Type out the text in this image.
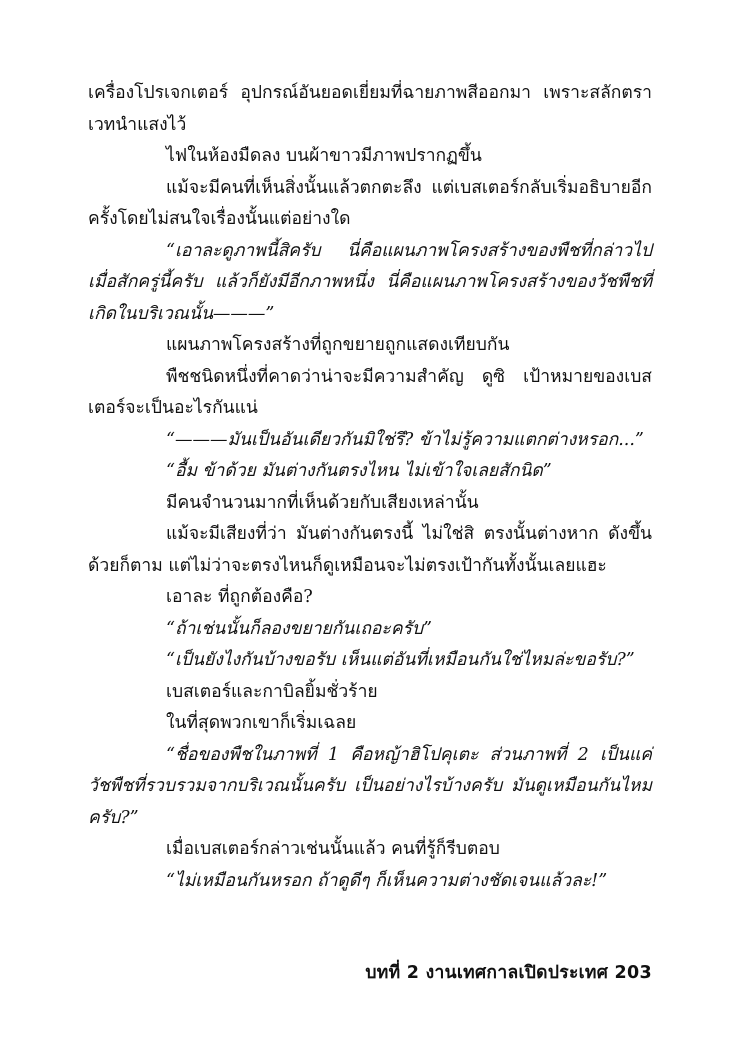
เครื่องโปรเจกเตอร์ อุปกรณ์อันยอดเยี่ยมที่ฉายภาพสีออกมา เพราะสลักตราเวทนำแสงไว้

ไฟในห้องมืดลง บนผ้าขาวมีภาพปรากฏขึ้น

แม้จะมีคนที่เห็นสิ่งนั้นแล้วตกตะลึง แต่เบสเตอร์กลับเริ่มอธิบายอีกครั้งโดยไม่สนใจเรื่องนั้นแต่อย่างใด

“เอาละดูภาพนี้สิครับ นี่คือแผนภาพโครงสร้างของพืชที่กล่าวไปเมื่อสักครู่นี้ครับ แล้วก็ยังมีอีกภาพหนึ่ง นี่คือแผนภาพโครงสร้างของวัชพืชที่เกิดในบริเวณนั้น———”

แผนภาพโครงสร้างที่ถูกขยายถูกแสดงเทียบกัน

พืชชนิดหนึ่งที่คาดว่าน่าจะมีความสำคัญ ดูซิ เป้าหมายของเบสเตอร์จะเป็นอะไรกันแน่

“———มันเป็นอันเดียวกันมิใช่รึ? ข้าไม่รู้ความแตกต่างหรอก...”

“อื้ม ข้าด้วย มันต่างกันตรงไหน ไม่เข้าใจเลยสักนิด”

มีคนจำนวนมากที่เห็นด้วยกับเสียงเหล่านั้น

แม้จะมีเสียงที่ว่า มันต่างกันตรงนี้ ไม่ใช่สิ ตรงนั้นต่างหาก ดังขึ้นด้วยก็ตาม แต่ไม่ว่าจะตรงไหนก็ดูเหมือนจะไม่ตรงเป้ากันทั้งนั้นเลยแฮะ

เอาละ ที่ถูกต้องคือ?

“ถ้าเช่นนั้นก็ลองขยายกันเถอะครับ”

“เป็นยังไงกันบ้างขอรับ เห็นแต่อันที่เหมือนกันใช่ไหมล่ะขอรับ?”

เบสเตอร์และกาบิลยิ้มชั่วร้าย

ในที่สุดพวกเขาก็เริ่มเฉลย

“ชื่อของพืชในภาพที่ 1 คือหญ้าฮิโปคุเตะ ส่วนภาพที่ 2 เป็นแค่วัชพืชที่รวบรวมจากบริเวณนั้นครับ เป็นอย่างไรบ้างครับ มันดูเหมือนกันไหมครับ?”

เมื่อเบสเตอร์กล่าวเช่นนั้นแล้ว คนที่รู้ก็รีบตอบ

“ไม่เหมือนกันหรอก ถ้าดูดีๆ ก็เห็นความต่างชัดเจนแล้วละ!”

บทที่ 2 งานเทศกาลเปิดประเทศ 203
